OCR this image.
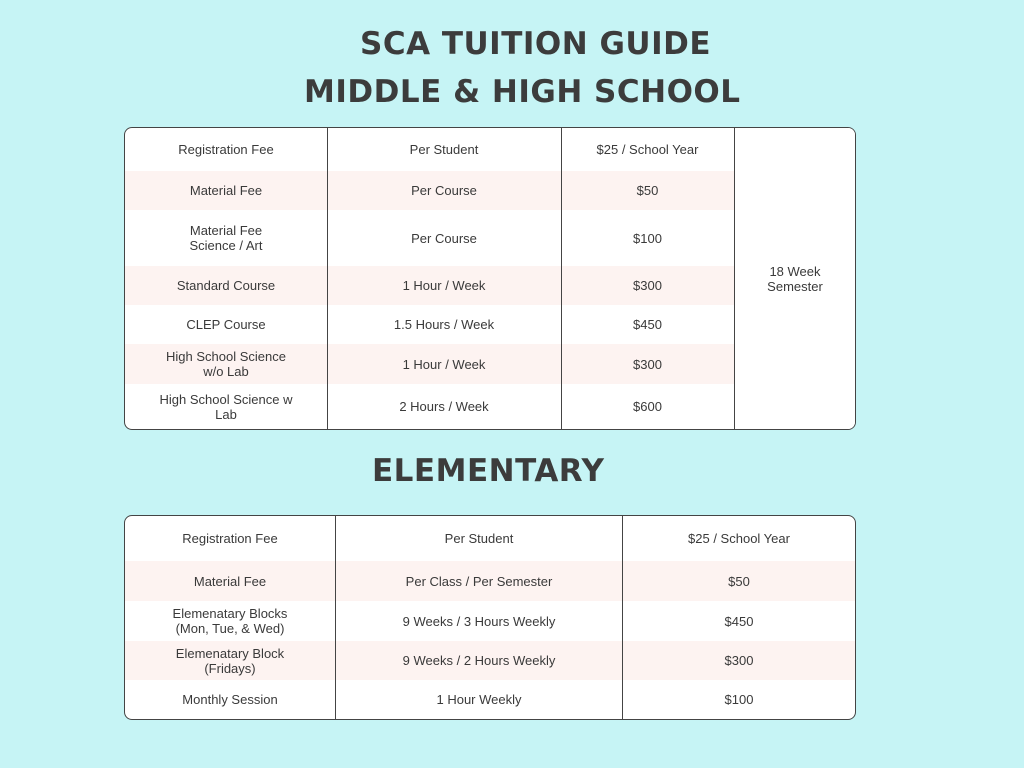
SCA TUITION GUIDE
MIDDLE & HIGH SCHOOL
Registration Fee	Per Student	$25 / School Year
Material Fee	Per Course	$50
Material Fee
Science / Art	Per Course	$100
Standard Course	1 Hour / Week	$300
CLEP Course	1.5 Hours / Week	$450
High School Science
w/o Lab	1 Hour / Week	$300
High School Science w
Lab	2 Hours / Week	$600
18 Week
Semester
ELEMENTARY
Registration Fee	Per Student	$25 / School Year
Material Fee	Per Class / Per Semester	$50
Elemenatary Blocks
(Mon, Tue, & Wed)	9 Weeks / 3 Hours Weekly	$450
Elemenatary Block
(Fridays)	9 Weeks / 2 Hours Weekly	$300
Monthly Session	1 Hour Weekly	$100
